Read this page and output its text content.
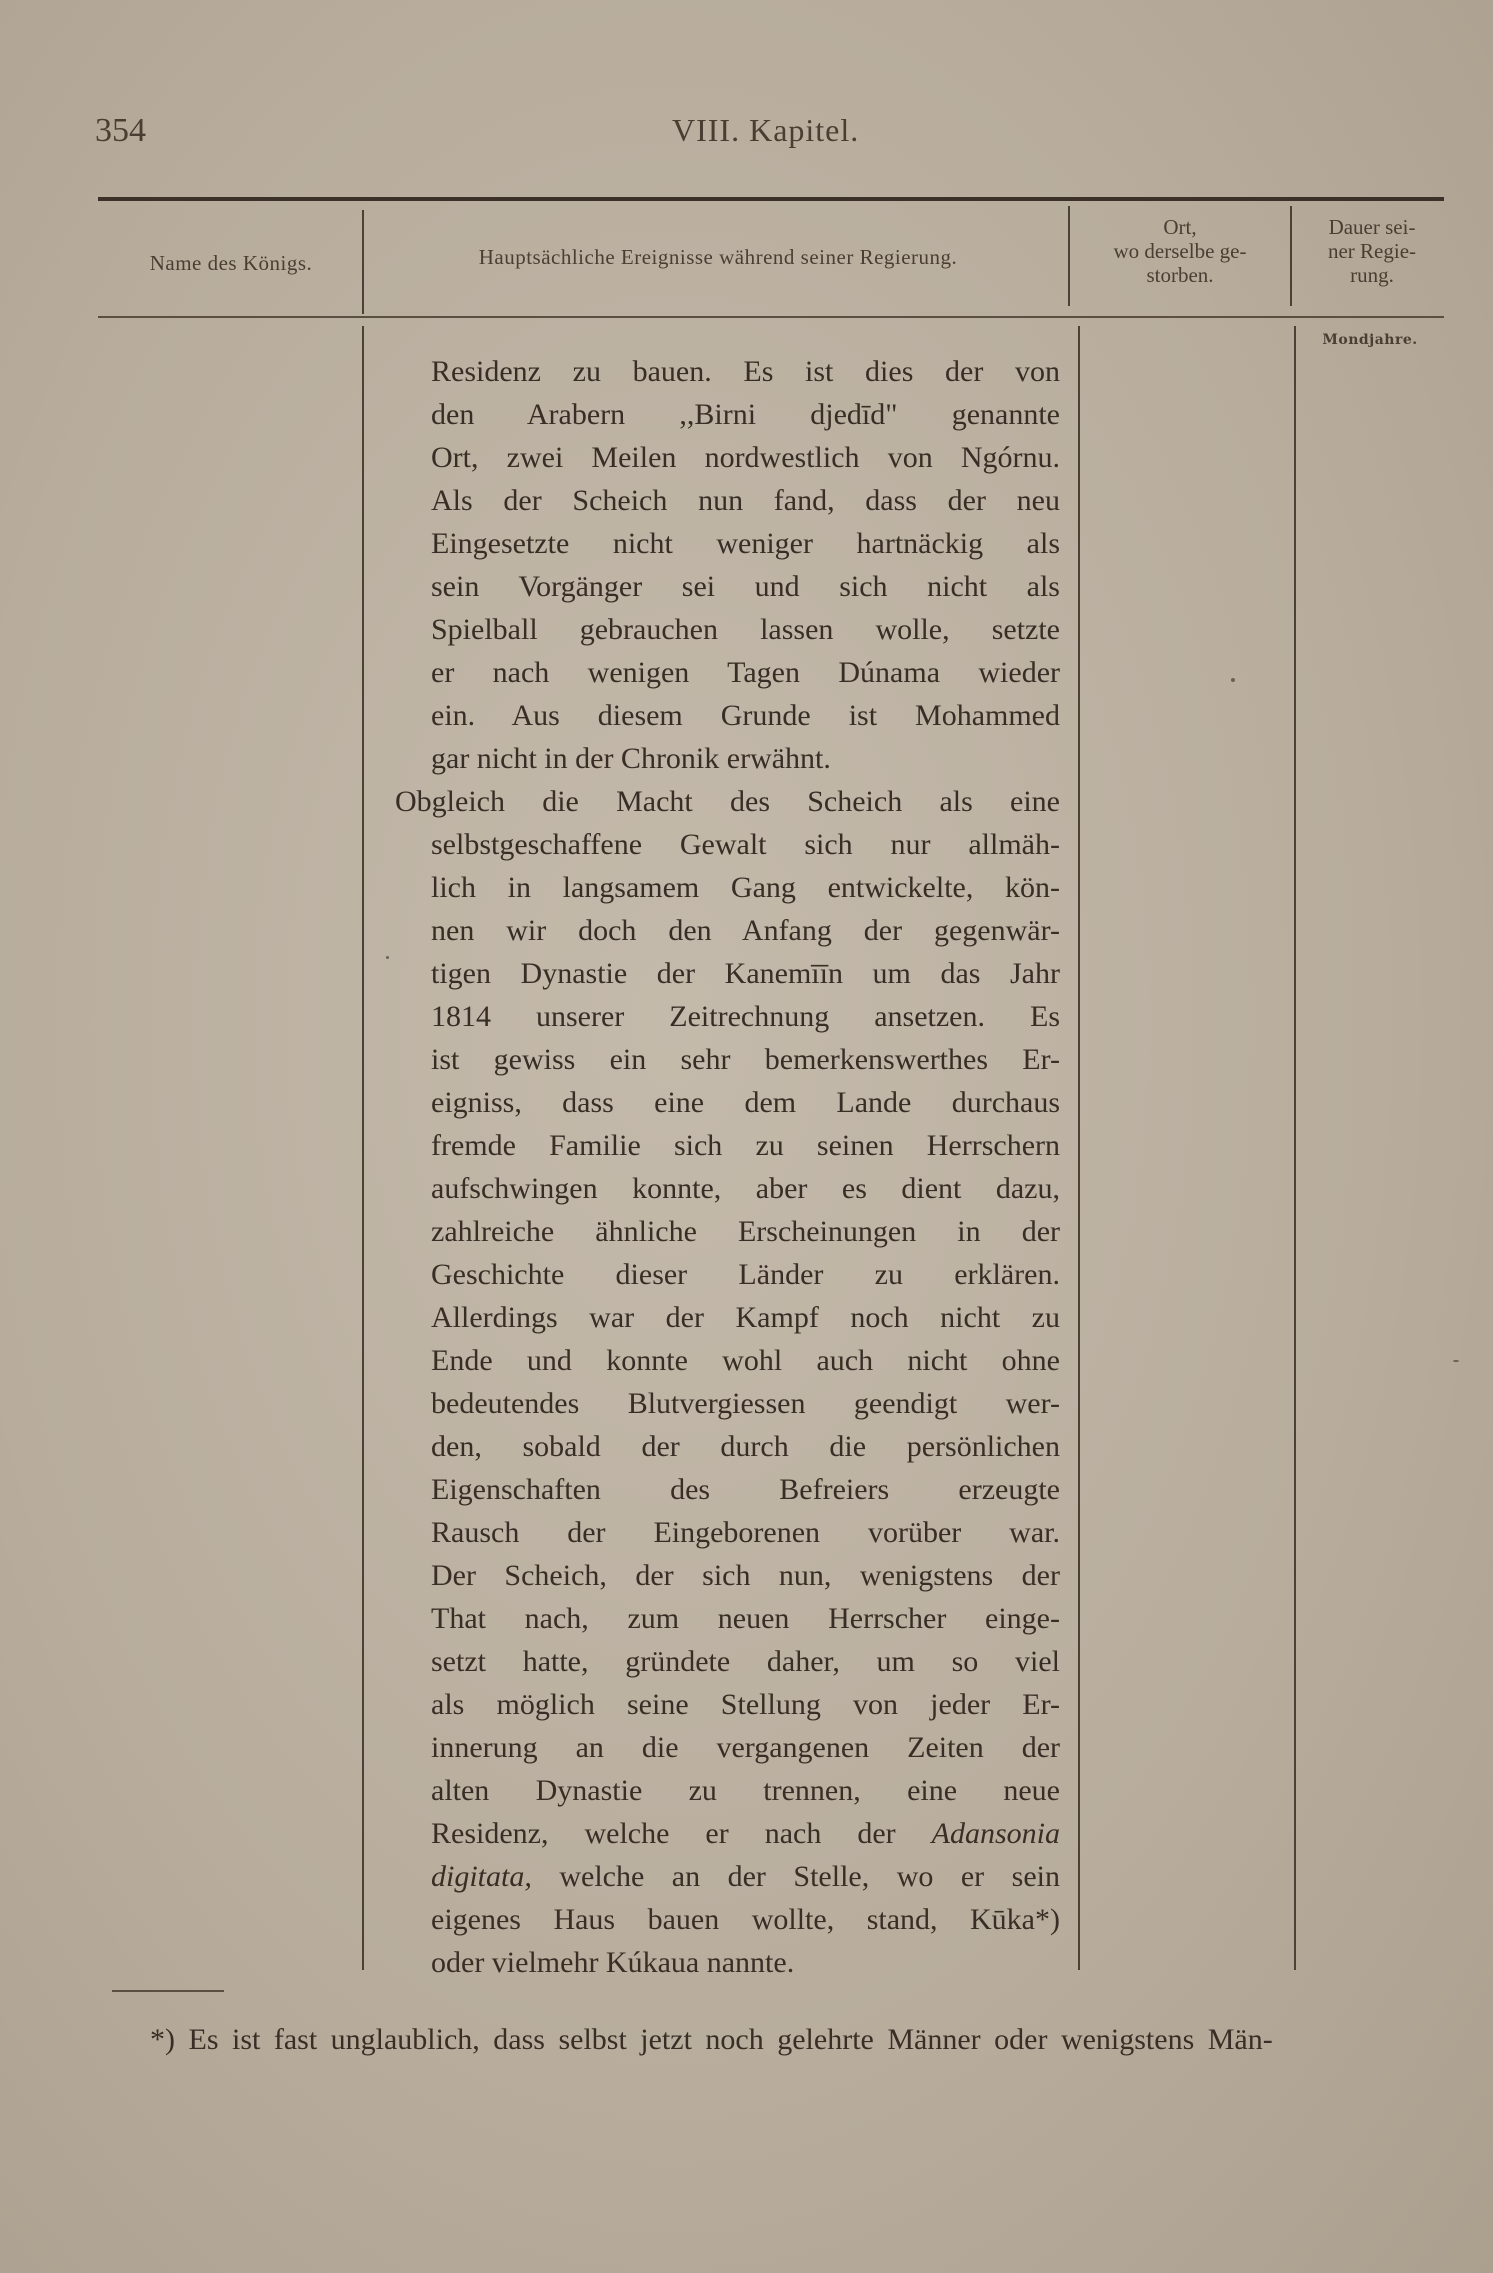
354	VIII. Kapitel.
Name des Königs.	Hauptsächliche Ereignisse während seiner Regierung.
Ort,
wo derselbe ge-
storben.
Dauer sei-
ner Regie-
rung.
Mondjahre.
Residenz zu bauen. Es ist dies der von
den Arabern ,,Birni djedīd" genannte
Ort, zwei Meilen nordwestlich von Ngórnu.
Als der Scheich nun fand, dass der neu
Eingesetzte nicht weniger hartnäckig als
sein Vorgänger sei und sich nicht als
Spielball gebrauchen lassen wolle, setzte
er nach wenigen Tagen Dúnama wieder
ein. Aus diesem Grunde ist Mohammed
gar nicht in der Chronik erwähnt.
Obgleich die Macht des Scheich als eine
selbstgeschaffene Gewalt sich nur allmäh-
lich in langsamem Gang entwickelte, kön-
nen wir doch den Anfang der gegenwär-
tigen Dynastie der Kanemīīn um das Jahr
1814 unserer Zeitrechnung ansetzen. Es
ist gewiss ein sehr bemerkenswerthes Er-
eigniss, dass eine dem Lande durchaus
fremde Familie sich zu seinen Herrschern
aufschwingen konnte, aber es dient dazu,
zahlreiche ähnliche Erscheinungen in der
Geschichte dieser Länder zu erklären.
Allerdings war der Kampf noch nicht zu
Ende und konnte wohl auch nicht ohne
bedeutendes Blutvergiessen geendigt wer-
den, sobald der durch die persönlichen
Eigenschaften des Befreiers erzeugte
Rausch der Eingeborenen vorüber war.
Der Scheich, der sich nun, wenigstens der
That nach, zum neuen Herrscher einge-
setzt hatte, gründete daher, um so viel
als möglich seine Stellung von jeder Er-
innerung an die vergangenen Zeiten der
alten Dynastie zu trennen, eine neue
Residenz, welche er nach der Adansonia
digitata, welche an der Stelle, wo er sein
eigenes Haus bauen wollte, stand, Kūka*)
oder vielmehr Kúkaua nannte.
*) Es ist fast unglaublich, dass selbst jetzt noch gelehrte Männer oder wenigstens Män-
